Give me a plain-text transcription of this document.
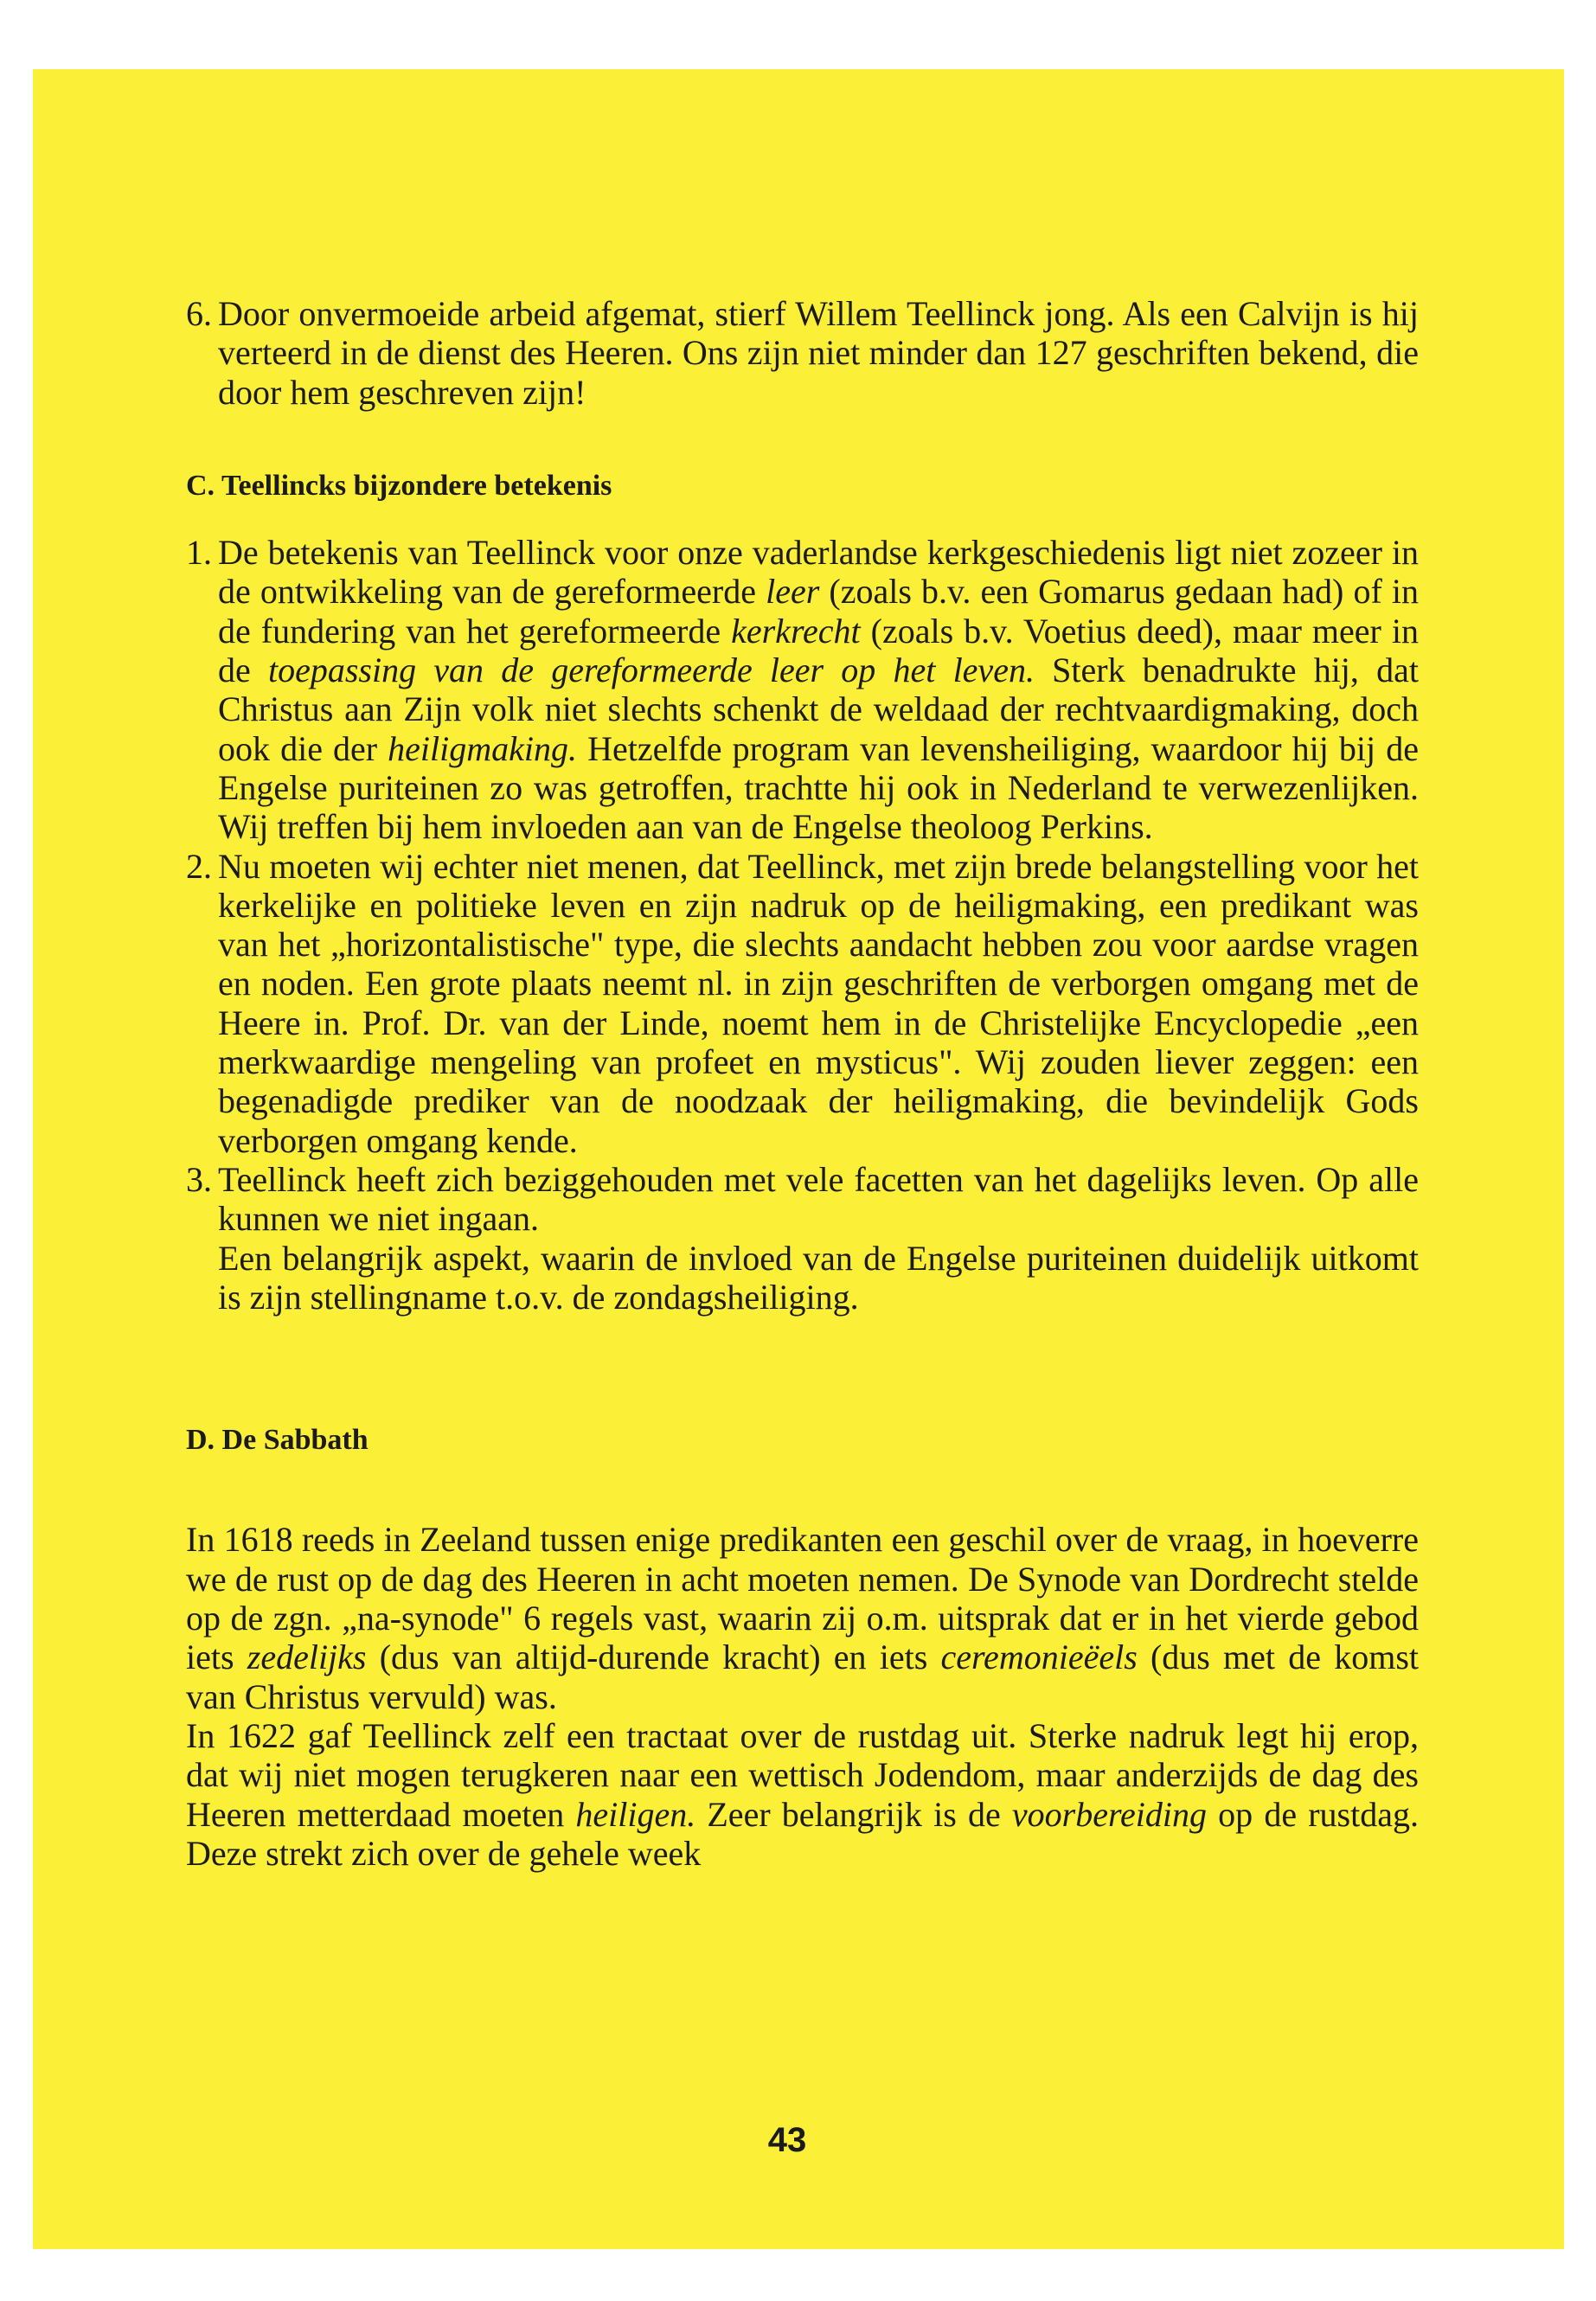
6. Door onvermoeide arbeid afgemat, stierf Willem Teellinck jong. Als een Calvijn is hij verteerd in de dienst des Heeren. Ons zijn niet minder dan 127 geschriften bekend, die door hem geschreven zijn!

C. Teellincks bijzondere betekenis

1. De betekenis van Teellinck voor onze vaderlandse kerkgeschiedenis ligt niet zozeer in de ontwikkeling van de gereformeerde leer (zoals b.v. een Gomarus gedaan had) of in de fundering van het gereformeerde kerkrecht (zoals b.v. Voetius deed), maar meer in de toepassing van de gereformeerde leer op het leven. Sterk benadrukte hij, dat Christus aan Zijn volk niet slechts schenkt de weldaad der rechtvaardigmaking, doch ook die der heiligmaking. Hetzelfde program van levensheiliging, waardoor hij bij de Engelse puriteinen zo was getroffen, trachtte hij ook in Nederland te verwezenlijken. Wij treffen bij hem invloeden aan van de Engelse theoloog Perkins.
2. Nu moeten wij echter niet menen, dat Teellinck, met zijn brede belangstelling voor het kerkelijke en politieke leven en zijn nadruk op de heiligmaking, een predikant was van het „horizontalistische" type, die slechts aandacht hebben zou voor aardse vragen en noden. Een grote plaats neemt nl. in zijn geschriften de verborgen omgang met de Heere in. Prof. Dr. van der Linde, noemt hem in de Christelijke Encyclopedie „een merkwaardige mengeling van profeet en mysticus". Wij zouden liever zeggen: een begenadigde prediker van de noodzaak der heiligmaking, die bevindelijk Gods verborgen omgang kende.
3. Teellinck heeft zich beziggehouden met vele facetten van het dagelijks leven. Op alle kunnen we niet ingaan.
Een belangrijk aspekt, waarin de invloed van de Engelse puriteinen duidelijk uitkomt is zijn stellingname t.o.v. de zondagsheiliging.

D. De Sabbath

In 1618 reeds in Zeeland tussen enige predikanten een geschil over de vraag, in hoeverre we de rust op de dag des Heeren in acht moeten nemen. De Synode van Dordrecht stelde op de zgn. „na-synode" 6 regels vast, waarin zij o.m. uitsprak dat er in het vierde gebod iets zedelijks (dus van altijd-durende kracht) en iets ceremonieëels (dus met de komst van Christus vervuld) was.

In 1622 gaf Teellinck zelf een tractaat over de rustdag uit. Sterke nadruk legt hij erop, dat wij niet mogen terugkeren naar een wettisch Jodendom, maar anderzijds de dag des Heeren metterdaad moeten heiligen. Zeer belangrijk is de voorbereiding op de rustdag. Deze strekt zich over de gehele week

43
